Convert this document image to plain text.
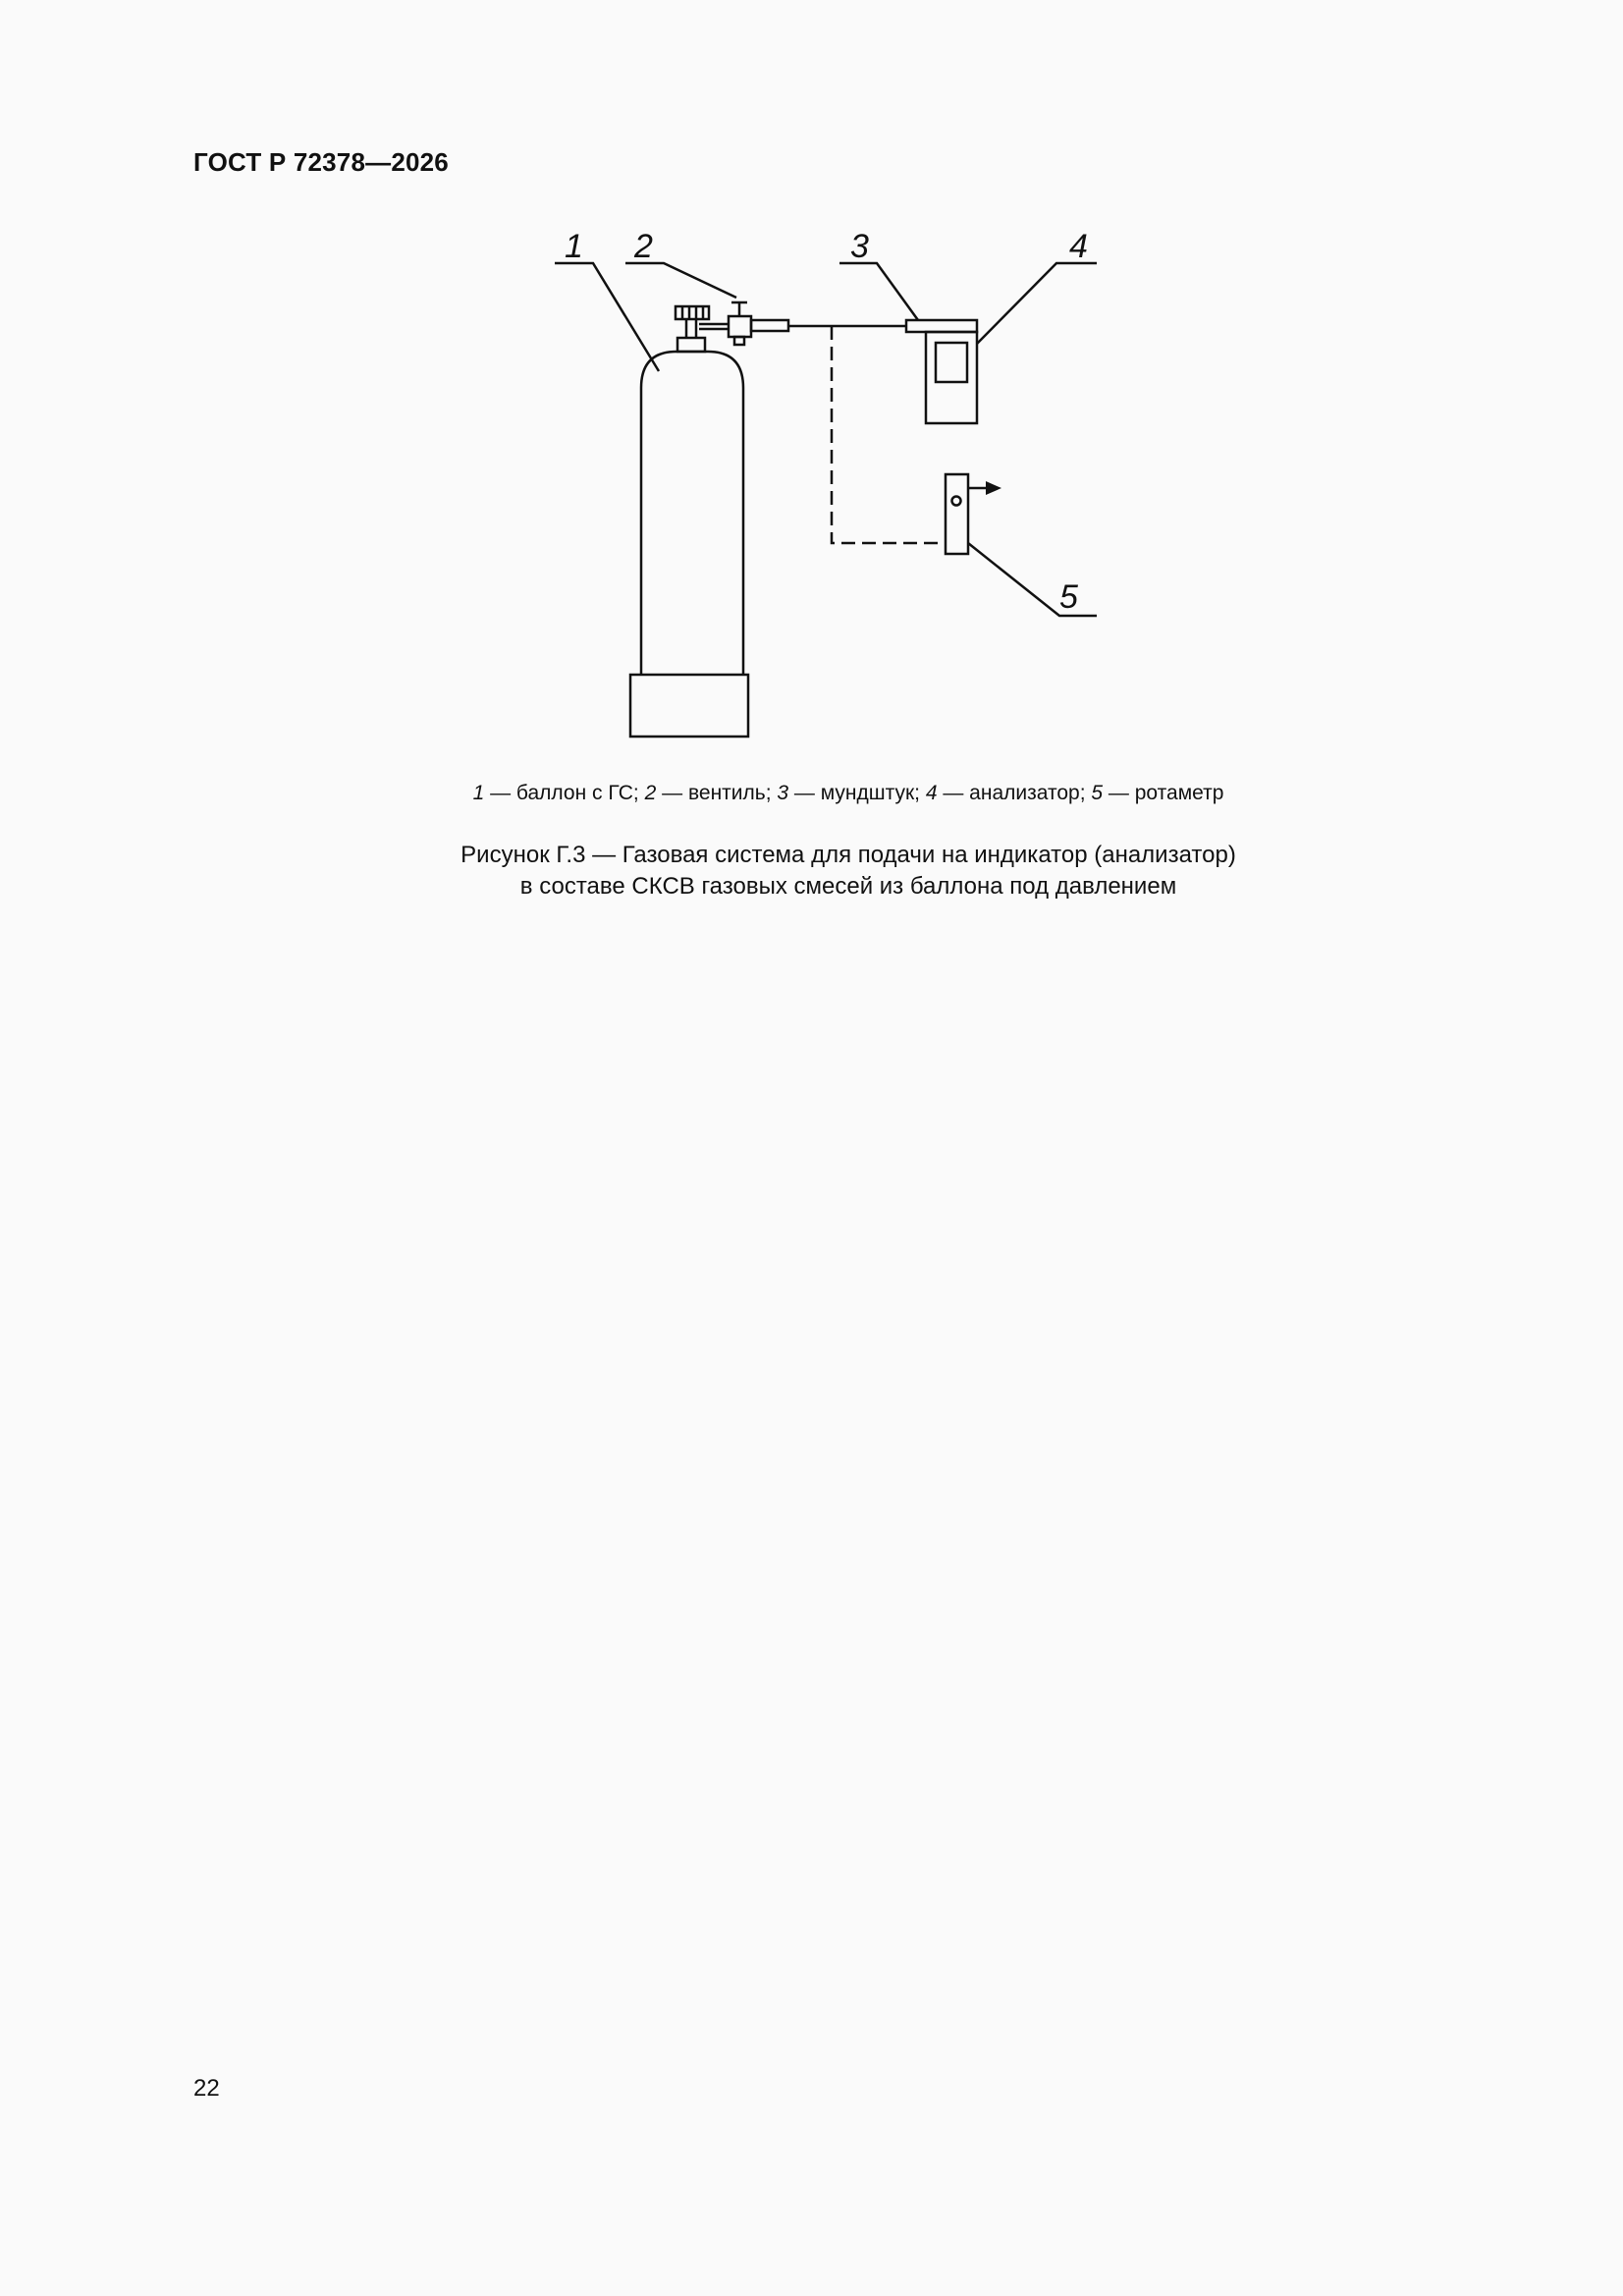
ГОСТ Р 72378—2026
1 2	3	4
5
1 — баллон с ГС; 2 — вентиль; 3 — мундштук; 4 — анализатор; 5 — ротаметр
Рисунок Г.3 — Газовая система для подачи на индикатор (анализатор)
в составе СКСВ газовых смесей из баллона под давлением
22
